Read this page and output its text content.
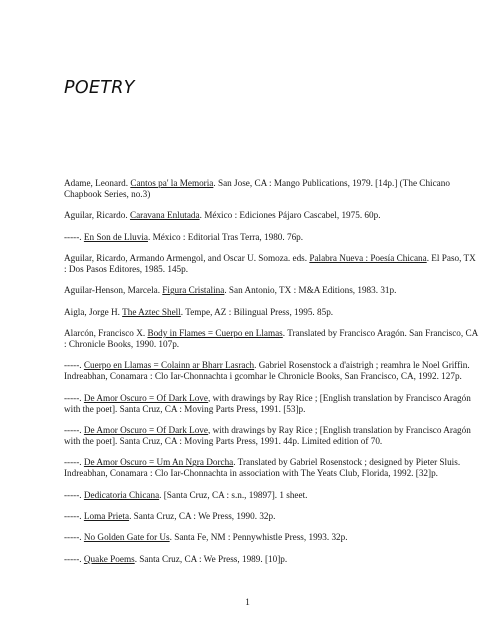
POETRY

Adame, Leonard. Cantos pa' la Memoria. San Jose, CA : Mango Publications, 1979. [14p.] (The Chicano Chapbook Series, no.3)

Aguilar, Ricardo. Caravana Enlutada. México : Ediciones Pájaro Cascabel, 1975. 60p.

-----. En Son de Lluvia. México : Editorial Tras Terra, 1980. 76p.

Aguilar, Ricardo, Armando Armengol, and Oscar U. Somoza. eds. Palabra Nueva : Poesía Chicana. El Paso, TX : Dos Pasos Editores, 1985. 145p.

Aguilar-Henson, Marcela. Figura Cristalina. San Antonio, TX : M&A Editions, 1983. 31p.

Aigla, Jorge H. The Aztec Shell. Tempe, AZ : Bilingual Press, 1995. 85p.

Alarcón, Francisco X. Body in Flames = Cuerpo en Llamas. Translated by Francisco Aragón. San Francisco, CA : Chronicle Books, 1990. 107p.

-----. Cuerpo en Llamas = Colainn ar Bharr Lasrach. Gabriel Rosenstock a d'aistrigh ; reamhra le Noel Griffin. Indreabhan, Conamara : Clo Iar-Chonnachta i gcomhar le Chronicle Books, San Francisco, CA, 1992. 127p.

-----. De Amor Oscuro = Of Dark Love, with drawings by Ray Rice ; [English translation by Francisco Aragón with the poet]. Santa Cruz, CA : Moving Parts Press, 1991. [53]p.

-----. De Amor Oscuro = Of Dark Love, with drawings by Ray Rice ; [English translation by Francisco Aragón with the poet]. Santa Cruz, CA : Moving Parts Press, 1991. 44p. Limited edition of 70.

-----. De Amor Oscuro = Um An Ngra Dorcha. Translated by Gabriel Rosenstock ; designed by Pieter Sluis. Indreabhan, Conamara : Clo Iar-Chonnachta in association with The Yeats Club, Florida, 1992. [32]p.

-----. Dedicatoria Chicana. [Santa Cruz, CA : s.n., 19897]. 1 sheet.

-----. Loma Prieta. Santa Cruz, CA : We Press, 1990. 32p.

-----. No Golden Gate for Us. Santa Fe, NM : Pennywhistle Press, 1993. 32p.

-----. Quake Poems. Santa Cruz, CA : We Press, 1989. [10]p.

1
